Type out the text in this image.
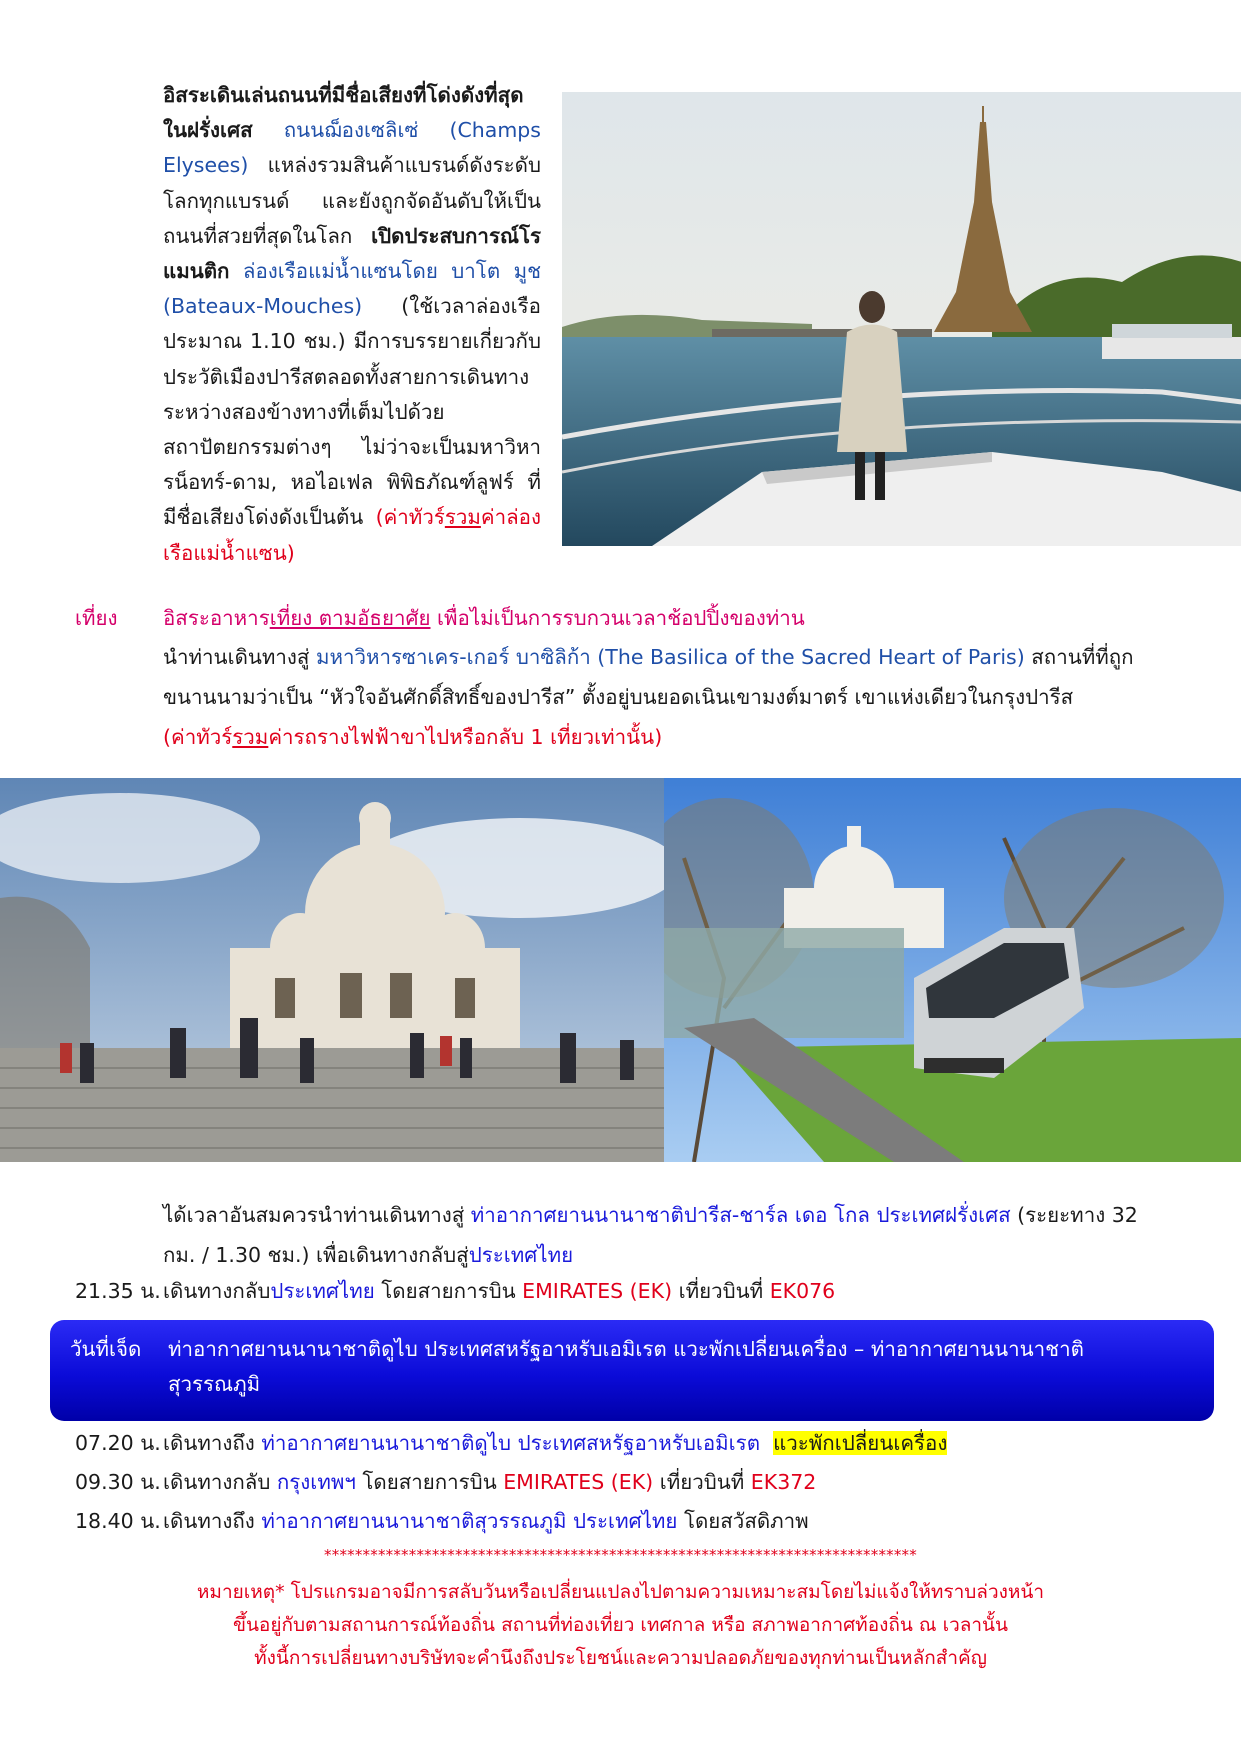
อิสระเดินเล่นถนนที่มีชื่อเสียงที่โด่งดังที่สุดในฝรั่งเศส ถนนฌ็องเซลิเซ่ (Champs Elysees) แหล่งรวมสินค้าแบรนด์ดังระดับโลกทุกแบรนด์ และยังถูกจัดอันดับให้เป็นถนนที่สวยที่สุดในโลก เปิดประสบการณ์โรแมนติก ล่องเรือแม่น้ำแซนโดย บาโต มูช (Bateaux-Mouches) (ใช้เวลาล่องเรือประมาณ 1.10 ชม.) มีการบรรยายเกี่ยวกับประวัติเมืองปารีสตลอดทั้งสายการเดินทางระหว่างสองข้างทางที่เต็มไปด้วยสถาปัตยกรรมต่างๆ ไม่ว่าจะเป็นมหาวิหารน็อทร์-ดาม, หอไอเฟล พิพิธภัณฑ์ลูฟร์ ที่มีชื่อเสียงโด่งดังเป็นต้น (ค่าทัวร์รวมค่าล่องเรือแม่น้ำแซน)
เที่ยง	อิสระอาหารเที่ยง ตามอัธยาศัย เพื่อไม่เป็นการรบกวนเวลาช้อปปิ้งของท่าน
นำท่านเดินทางสู่ มหาวิหารซาเคร-เกอร์ บาซิลิก้า (The Basilica of the Sacred Heart of Paris) สถานที่ที่ถูกขนานนามว่าเป็น “หัวใจอันศักดิ์สิทธิ์ของปารีส” ตั้งอยู่บนยอดเนินเขามงต์มาตร์ เขาแห่งเดียวในกรุงปารีส
(ค่าทัวร์รวมค่ารถรางไฟฟ้าขาไปหรือกลับ 1 เที่ยวเท่านั้น)
ได้เวลาอันสมควรนำท่านเดินทางสู่ ท่าอากาศยานนานาชาติปารีส-ชาร์ล เดอ โกล ประเทศฝรั่งเศส (ระยะทาง 32 กม. / 1.30 ชม.) เพื่อเดินทางกลับสู่ประเทศไทย
21.35 น. เดินทางกลับประเทศไทย โดยสายการบิน EMIRATES (EK) เที่ยวบินที่ EK076
วันที่เจ็ด ท่าอากาศยานนานาชาติดูไบ ประเทศสหรัฐอาหรับเอมิเรต แวะพักเปลี่ยนเครื่อง – ท่าอากาศยานนานาชาติสุวรรณภูมิ
07.20 น. เดินทางถึง ท่าอากาศยานนานาชาติดูไบ ประเทศสหรัฐอาหรับเอมิเรต แวะพักเปลี่ยนเครื่อง
09.30 น. เดินทางกลับ กรุงเทพฯ โดยสายการบิน EMIRATES (EK) เที่ยวบินที่ EK372
18.40 น. เดินทางถึง ท่าอากาศยานนานาชาติสุวรรณภูมิ ประเทศไทย โดยสวัสดิภาพ
*****************************************************************************
หมายเหตุ* โปรแกรมอาจมีการสลับวันหรือเปลี่ยนแปลงไปตามความเหมาะสมโดยไม่แจ้งให้ทราบล่วงหน้า
ขึ้นอยู่กับตามสถานการณ์ท้องถิ่น สถานที่ท่องเที่ยว เทศกาล หรือ สภาพอากาศท้องถิ่น ณ เวลานั้น
ทั้งนี้การเปลี่ยนทางบริษัทจะคำนึงถึงประโยชน์และความปลอดภัยของทุกท่านเป็นหลักสำคัญ
